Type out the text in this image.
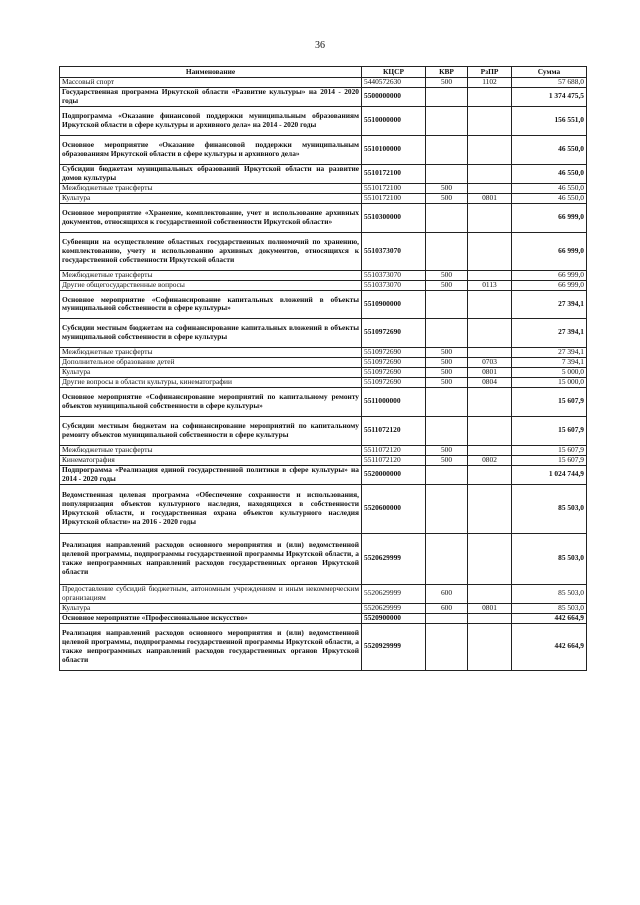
36
Наименование	КЦСР	КВР	РзПР	Сумма
Массовый спорт	5440572630	500	1102	57 688,0
Государственная программа Иркутской области «Развитие культуры» на 2014 - 2020 годы	5500000000			1 374 475,5
Подпрограмма «Оказание финансовой поддержки муниципальным образованиям Иркутской области в сфере культуры и архивного дела» на 2014 - 2020 годы	5510000000			156 551,0
Основное мероприятие «Оказание финансовой поддержки муниципальным образованиям Иркутской области в сфере культуры и архивного дела»	5510100000			46 550,0
Субсидии бюджетам муниципальных образований Иркутской области на развитие домов культуры	5510172100			46 550,0
Межбюджетные трансферты	5510172100	500		46 550,0
Культура	5510172100	500	0801	46 550,0
Основное мероприятие «Хранение, комплектование, учет и использование архивных документов, относящихся к государственной собственности Иркутской области»	5510300000			66 999,0
Субвенции на осуществление областных государственных полномочий по хранению, комплектованию, учету и использованию архивных документов, относящихся к государственной собственности Иркутской области	5510373070			66 999,0
Межбюджетные трансферты	5510373070	500		66 999,0
Другие общегосударственные вопросы	5510373070	500	0113	66 999,0
Основное мероприятие «Софинансирование капитальных вложений в объекты муниципальной собственности в сфере культуры»	5510900000			27 394,1
Субсидии местным бюджетам на софинансирование капитальных вложений в объекты муниципальной собственности в сфере культуры	5510972690			27 394,1
Межбюджетные трансферты	5510972690	500		27 394,1
Дополнительное образование детей	5510972690	500	0703	7 394,1
Культура	5510972690	500	0801	5 000,0
Другие вопросы в области культуры, кинематографии	5510972690	500	0804	15 000,0
Основное мероприятие «Софинансирование мероприятий по капитальному ремонту объектов муниципальной собственности в сфере культуры»	5511000000			15 607,9
Субсидии местным бюджетам на софинансирование мероприятий по капитальному ремонту объектов муниципальной собственности в сфере культуры	5511072120			15 607,9
Межбюджетные трансферты	5511072120	500		15 607,9
Кинематография	5511072120	500	0802	15 607,9
Подпрограмма «Реализация единой государственной политики в сфере культуры» на 2014 - 2020 годы	5520000000			1 024 744,9
Ведомственная целевая программа «Обеспечение сохранности и использования, популяризация объектов культурного наследия, находящихся в собственности Иркутской области, и государственная охрана объектов культурного наследия Иркутской области» на 2016 - 2020 годы	5520600000			85 503,0
Реализация направлений расходов основного мероприятия и (или) ведомственной целевой программы, подпрограммы государственной программы Иркутской области, а также непрограммных направлений расходов государственных органов Иркутской области	5520629999			85 503,0
Предоставление субсидий бюджетным, автономным учреждениям и иным некоммерческим организациям	5520629999	600		85 503,0
Культура	5520629999	600	0801	85 503,0
Основное мероприятие «Профессиональное искусство»	5520900000			442 664,9
Реализация направлений расходов основного мероприятия и (или) ведомственной целевой программы, подпрограммы государственной программы Иркутской области, а также непрограммных направлений расходов государственных органов Иркутской области	5520929999			442 664,9
